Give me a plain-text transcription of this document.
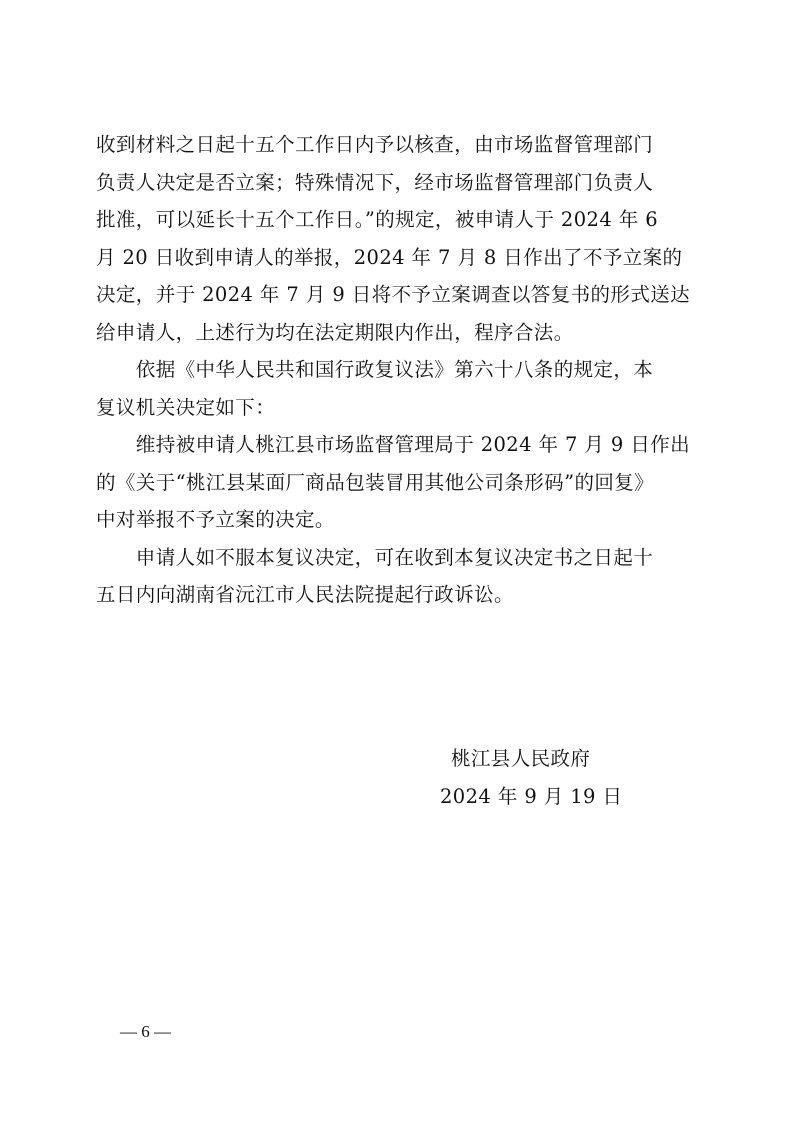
收到材料之日起十五个工作日内予以核查，由市场监督管理部门
负责人决定是否立案；特殊情况下，经市场监督管理部门负责人
批准，可以延长十五个工作日。”的规定，被申请人于 2024 年 6
月 20 日收到申请人的举报，2024 年 7 月 8 日作出了不予立案的
决定，并于 2024 年 7 月 9 日将不予立案调查以答复书的形式送达
给申请人，上述行为均在法定期限内作出，程序合法。
　　依据《中华人民共和国行政复议法》第六十八条的规定，本
复议机关决定如下：
　　维持被申请人桃江县市场监督管理局于 2024 年 7 月 9 日作出
的《关于“桃江县某面厂商品包装冒用其他公司条形码”的回复》
中对举报不予立案的决定。
　　申请人如不服本复议决定，可在收到本复议决定书之日起十
五日内向湖南省沅江市人民法院提起行政诉讼。
桃江县人民政府
2024 年 9 月 19 日
— 6 —
